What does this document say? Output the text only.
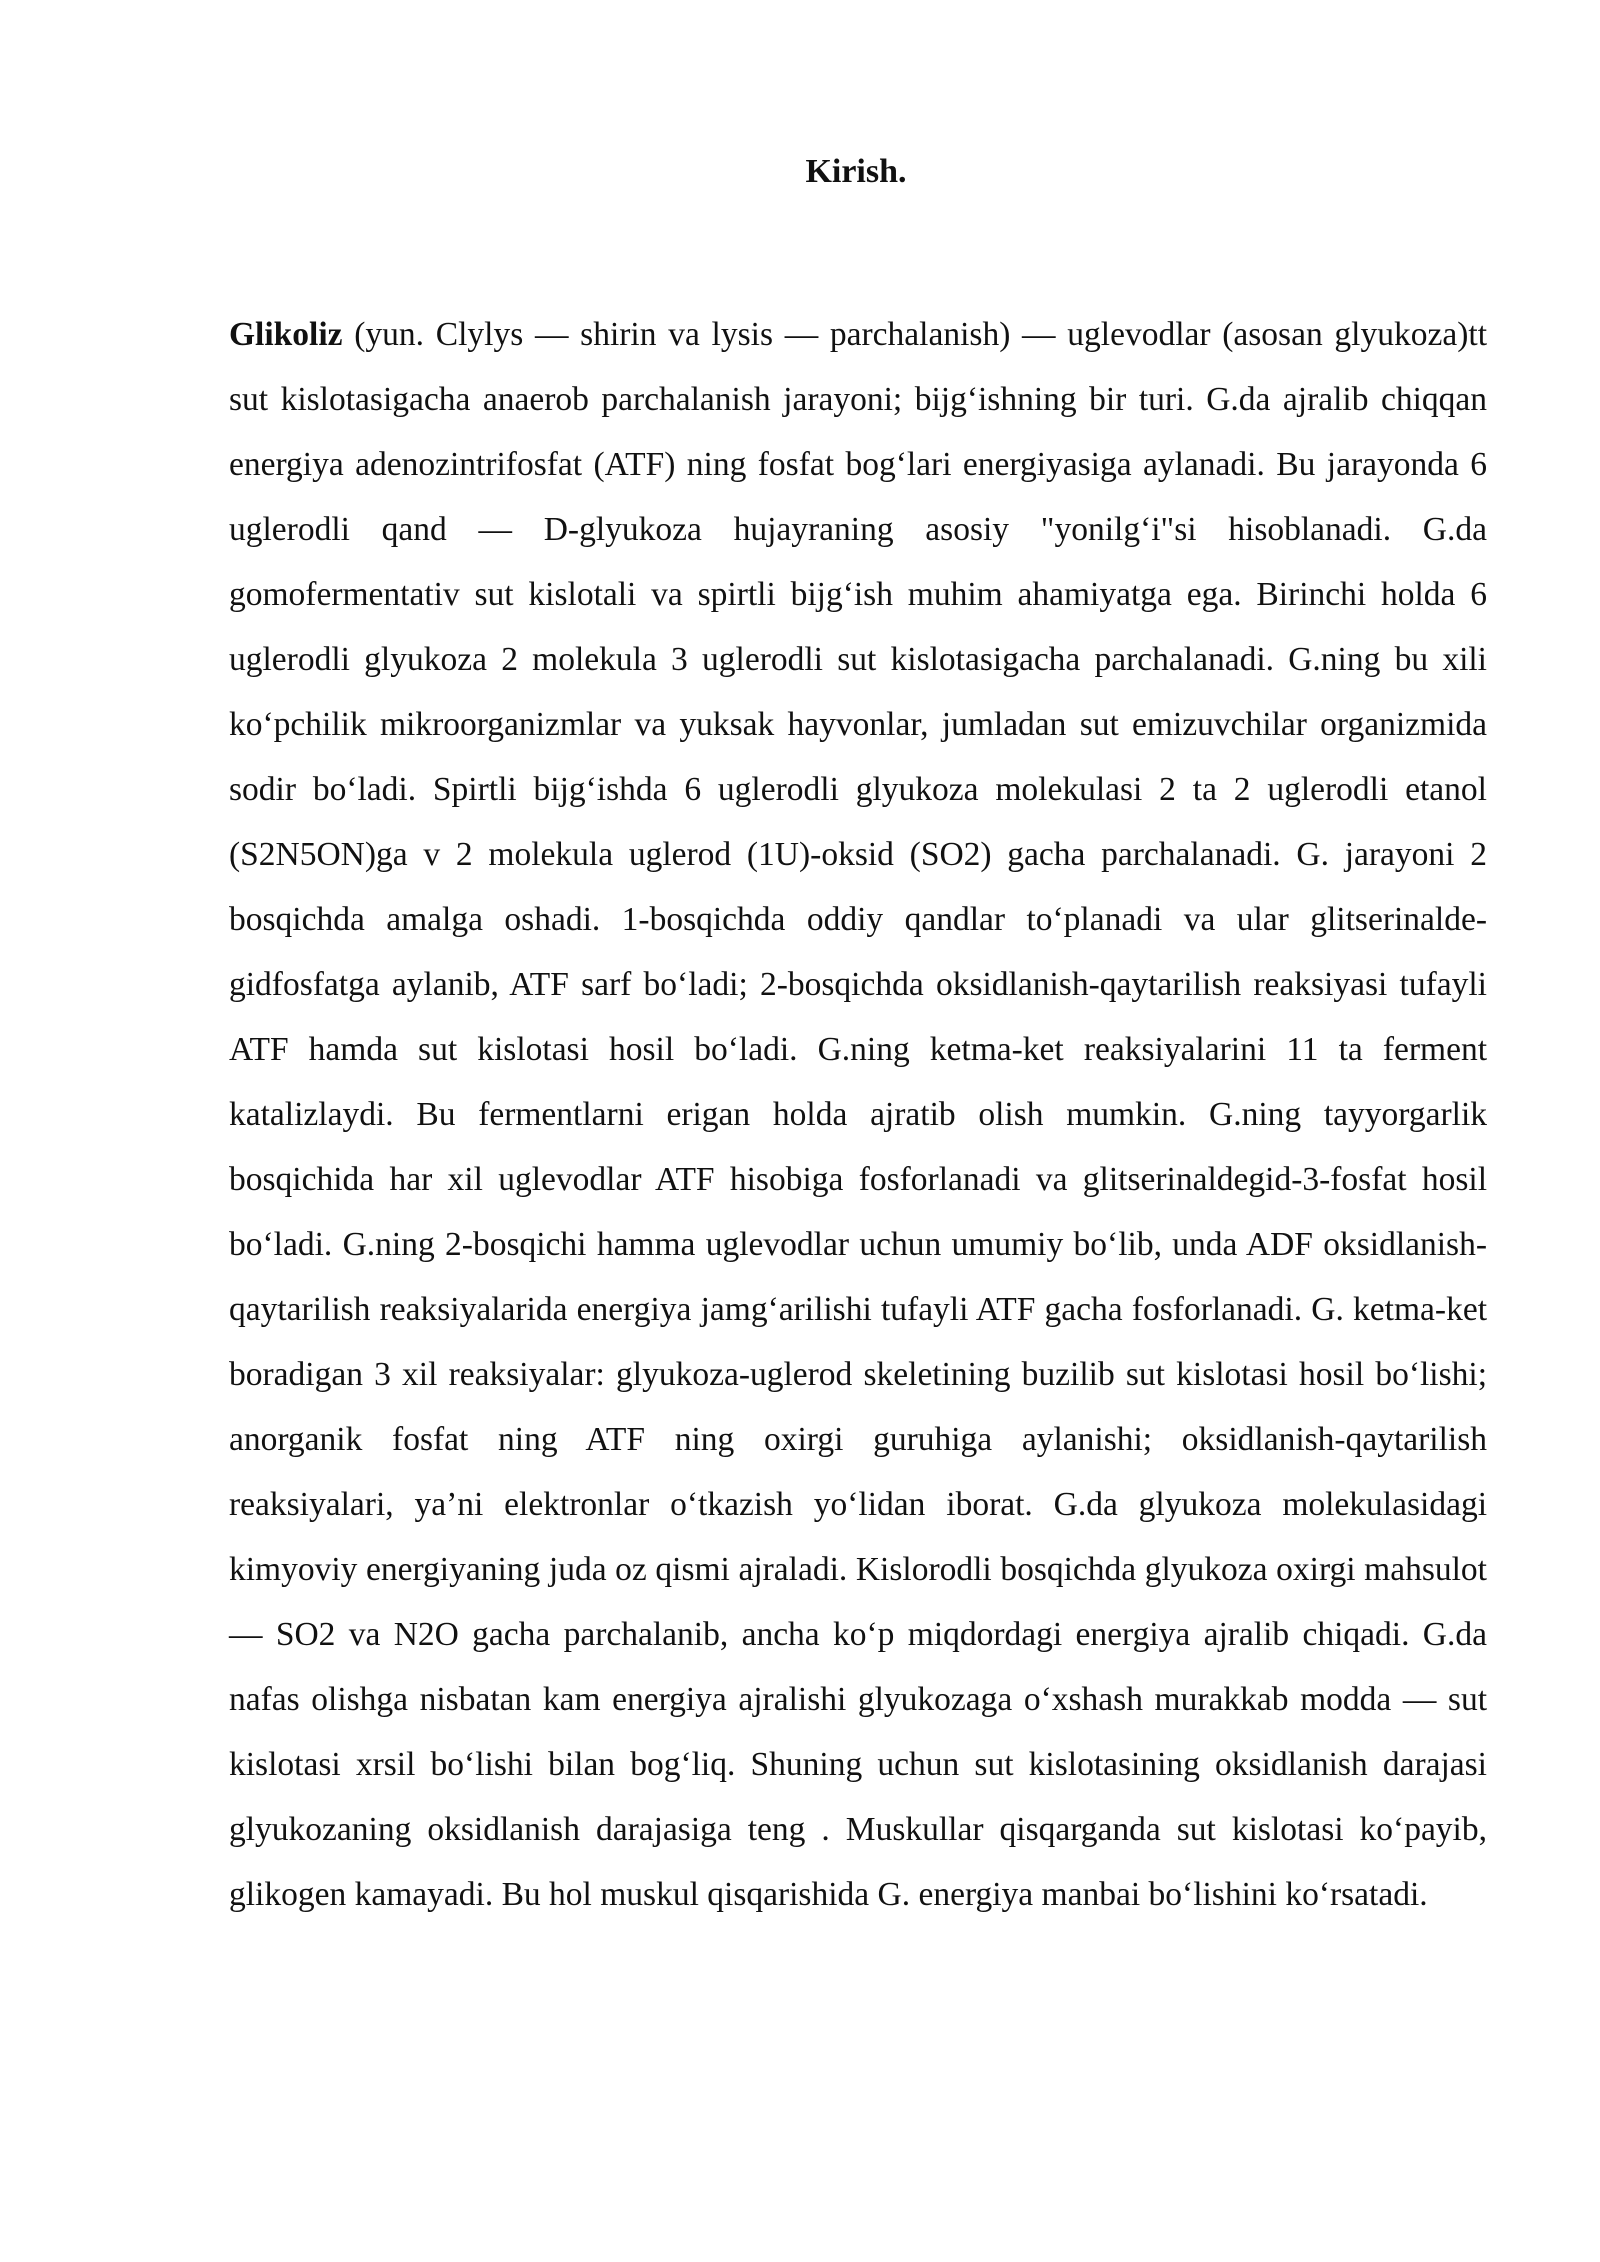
Kirish.

Glikoliz (yun. Clylys — shirin va lysis — parchalanish) — uglevodlar (asosan glyukoza)tt sut kislotasigacha anaerob parchalanish jarayoni; bijg‘ishning bir turi. G.da ajralib chiqqan energiya adenozintrifosfat (ATF) ning fosfat bog‘lari energiyasiga aylanadi. Bu jarayonda 6 uglerodli qand — D-glyukoza hujayraning asosiy "yonilg‘i"si hisoblanadi. G.da gomofermentativ sut kislotali va spirtli bijg‘ish muhim ahamiyatga ega. Birinchi holda 6 uglerodli glyukoza 2 molekula 3 uglerodli sut kislotasigacha parchalanadi. G.ning bu xili ko‘pchilik mikroorganizmlar va yuksak hayvonlar, jumladan sut emizuvchilar organizmida sodir bo‘ladi. Spirtli bijg‘ishda 6 uglerodli glyukoza molekulasi 2 ta 2 uglerodli etanol (S2N5ON)ga v 2 molekula uglerod (1U)-oksid (SO2) gacha parchalanadi. G. jarayoni 2 bosqichda amalga oshadi. 1-bosqichda oddiy qandlar to‘planadi va ular glitserinalde-gidfosfatga aylanib, ATF sarf bo‘ladi; 2-bosqichda oksidlanish-qaytarilish reaksiyasi tufayli ATF hamda sut kislotasi hosil bo‘ladi. G.ning ketma-ket reaksiyalarini 11 ta ferment katalizlaydi. Bu fermentlarni erigan holda ajratib olish mumkin. G.ning tayyorgarlik bosqichida har xil uglevodlar ATF hisobiga fosforlanadi va glitserinaldegid-3-fosfat hosil bo‘ladi. G.ning 2-bosqichi hamma uglevodlar uchun umumiy bo‘lib, unda ADF oksidlanish-qaytarilish reaksiyalarida energiya jamg‘arilishi tufayli ATF gacha fosforlanadi. G. ketma-ket boradigan 3 xil reaksiyalar: glyukoza-uglerod skeletining buzilib sut kislotasi hosil bo‘lishi; anorganik fosfat ning ATF ning oxirgi guruhiga aylanishi; oksidlanish-qaytarilish reaksiyalari, ya’ni elektronlar o‘tkazish yo‘lidan iborat. G.da glyukoza molekulasidagi kimyoviy energiyaning juda oz qismi ajraladi. Kislorodli bosqichda glyukoza oxirgi mahsulot — SO2 va N2O gacha parchalanib, ancha ko‘p miqdordagi energiya ajralib chiqadi. G.da nafas olishga nisbatan kam energiya ajralishi glyukozaga o‘xshash murakkab modda — sut kislotasi xrsil bo‘lishi bilan bog‘liq. Shuning uchun sut kislotasining oksidlanish darajasi glyukozaning oksidlanish darajasiga teng . Muskullar qisqarganda sut kislotasi ko‘payib, glikogen kamayadi. Bu hol muskul qisqarishida G. energiya manbai bo‘lishini ko‘rsatadi.
